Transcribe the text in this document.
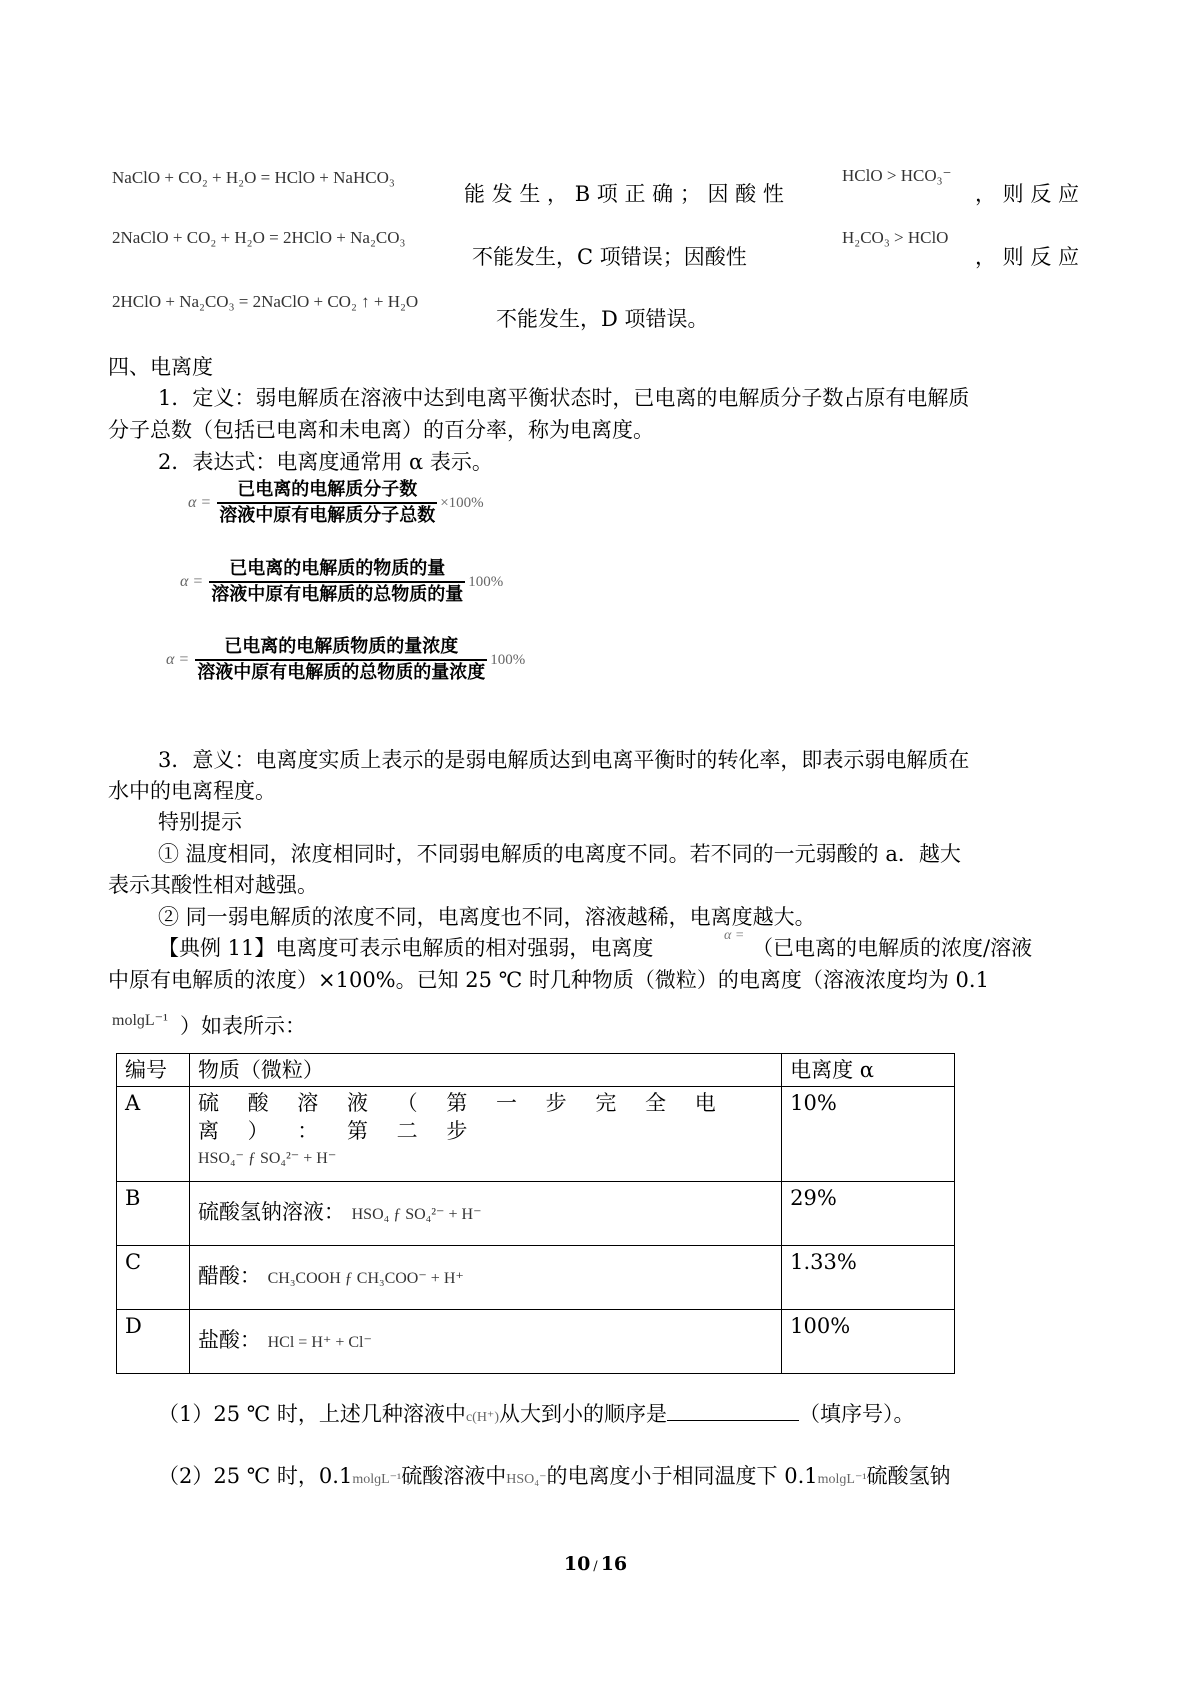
NaClO + CO₂ + H₂O = HClO + NaHCO₃
能 发 生 ， B 项 正 确 ； 因 酸 性
HClO > HCO₃⁻
， 则 反 应
2NaClO + CO₂ + H₂O = 2HClO + Na₂CO₃
不能发生，C 项错误；因酸性
H₂CO₃ > HClO
， 则 反 应
2HClO + Na₂CO₃ = 2NaClO + CO₂ ↑ + H₂O
不能发生，D 项错误。
四、电离度
1．定义：弱电解质在溶液中达到电离平衡状态时，已电离的电解质分子数占原有电解质
分子总数（包括已电离和未电离）的百分率，称为电离度。
2．表达式：电离度通常用 α 表示。
$\alpha = \frac{\text{已电离的电解质分子数}}{\text{溶液中原有电解质分子总数}} \times 100\%$
$\alpha = \frac{\text{已电离的电解质的物质的量}}{\text{溶液中原有电解质的总物质的量}} 100\%$
$\alpha = \frac{\text{已电离的电解质物质的量浓度}}{\text{溶液中原有电解质的总物质的量浓度}} 100\%$
3．意义：电离度实质上表示的是弱电解质达到电离平衡时的转化率，即表示弱电解质在
水中的电离程度。
特别提示
① 温度相同，浓度相同时，不同弱电解质的电离度不同。若不同的一元弱酸的 a．越大
表示其酸性相对越强。
② 同一弱电解质的浓度不同，电离度也不同，溶液越稀，电离度越大。
【典例 11】电离度可表示电解质的相对强弱，电离度
α =
（已电离的电解质的浓度/溶液
中原有电解质的浓度）×100%。已知 25 ℃ 时几种物质（微粒）的电离度（溶液浓度均为 0.1
molɡL⁻¹ ）如表所示：
编号	物质（微粒）	电离度 α
A	硫 酸 溶 液 （ 第 一 步 完 全 电 离 ） ： 第 二 步
HSO₄⁻ ƒ SO₄²⁻ + H⁻	10%
B	硫酸氢钠溶液： HSO₄ ƒ SO₄²⁻ + H⁻	29%
C	醋酸： CH₃COOH ƒ CH₃COO⁻ + H⁺	1.33%
D	盐酸： HCl = H⁺ + Cl⁻	100%
（1）25 ℃ 时，上述几种溶液中c(H⁺)从大到小的顺序是	（填序号）。
（2）25 ℃ 时，0.1molɡL⁻¹硫酸溶液中HSO₄⁻的电离度小于相同温度下 0.1molɡL⁻¹硫酸氢钠
10 / 16
